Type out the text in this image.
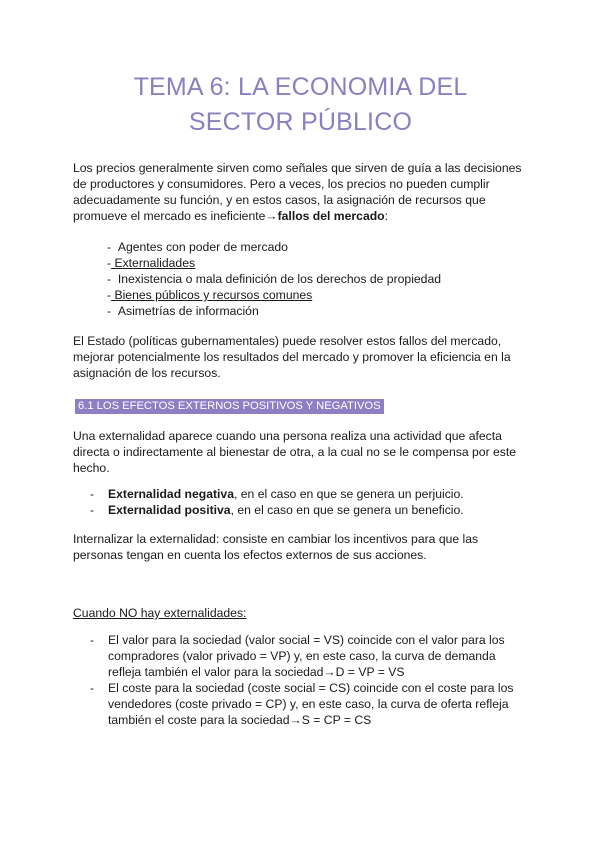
TEMA 6: LA ECONOMIA DEL
SECTOR PÚBLICO

Los precios generalmente sirven como señales que sirven de guía a las decisiones de productores y consumidores. Pero a veces, los precios no pueden cumplir adecuadamente su función, y en estos casos, la asignación de recursos que promueve el mercado es ineficiente→fallos del mercado:

- Agentes con poder de mercado
- Externalidades
- Inexistencia o mala definición de los derechos de propiedad
- Bienes públicos y recursos comunes
- Asimetrías de información

El Estado (políticas gubernamentales) puede resolver estos fallos del mercado, mejorar potencialmente los resultados del mercado y promover la eficiencia en la asignación de los recursos.

6.1 LOS EFECTOS EXTERNOS POSITIVOS Y NEGATIVOS

Una externalidad aparece cuando una persona realiza una actividad que afecta directa o indirectamente al bienestar de otra, a la cual no se le compensa por este hecho.

- Externalidad negativa, en el caso en que se genera un perjuicio.
- Externalidad positiva, en el caso en que se genera un beneficio.

Internalizar la externalidad: consiste en cambiar los incentivos para que las personas tengan en cuenta los efectos externos de sus acciones.

Cuando NO hay externalidades:

- El valor para la sociedad (valor social = VS) coincide con el valor para los compradores (valor privado = VP) y, en este caso, la curva de demanda refleja también el valor para la sociedad→D = VP = VS
- El coste para la sociedad (coste social = CS) coincide con el coste para los vendedores (coste privado = CP) y, en este caso, la curva de oferta refleja también el coste para la sociedad→S = CP = CS
